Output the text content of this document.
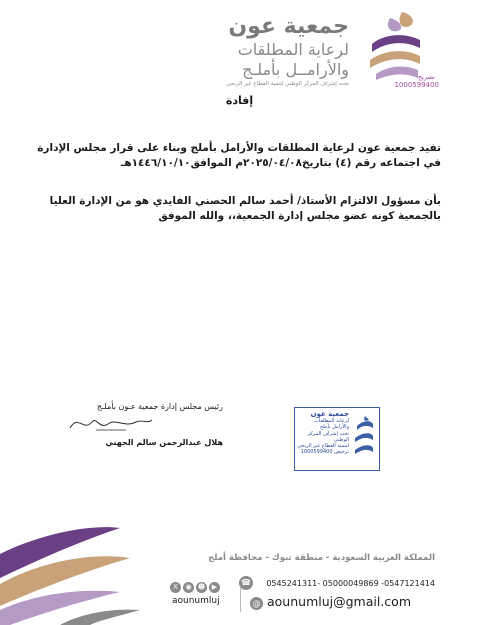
جمعية عون
لرعاية المطلقات
والأرامــل بأملـج
تحت إشراف المركز الوطني لتنمية القطاع غير الربحي
تصريح
1000599400
إفادة
تفيد جمعية عون لرعاية المطلقات والأرامل بأملج وبناء على قرار مجلس الإدارة في اجتماعه رقم (٤) بتاريخ٢٠٢٥/٠٤/٠٨م الموافق١٤٤٦/١٠/١٠هـ
بأن مسؤول الالتزام الأستاذ/ أحمد سالم الحصني الفايدي هو من الإدارة العليا بالجمعية كونه عضو مجلس إدارة الجمعية،، والله الموفق
رئيس مجلس إدارة جمعية عـون بأملـج
هلال عبدالرحمن سالم الجهني
جمعية عون
لرعاية المطلقات
والأرامل بأملج
تحت إشراف المركز الوطني
لتنمية القطاع غير الربحي
ترخيص 1000599400
المملكة العربية السعودية - منطقة تبوك - محافظة أملج
☎ 0545241311- 05000049869 -0547121414
X ◉ ☻ ▶
aounumluj	@ aounumluj@gmail.com
